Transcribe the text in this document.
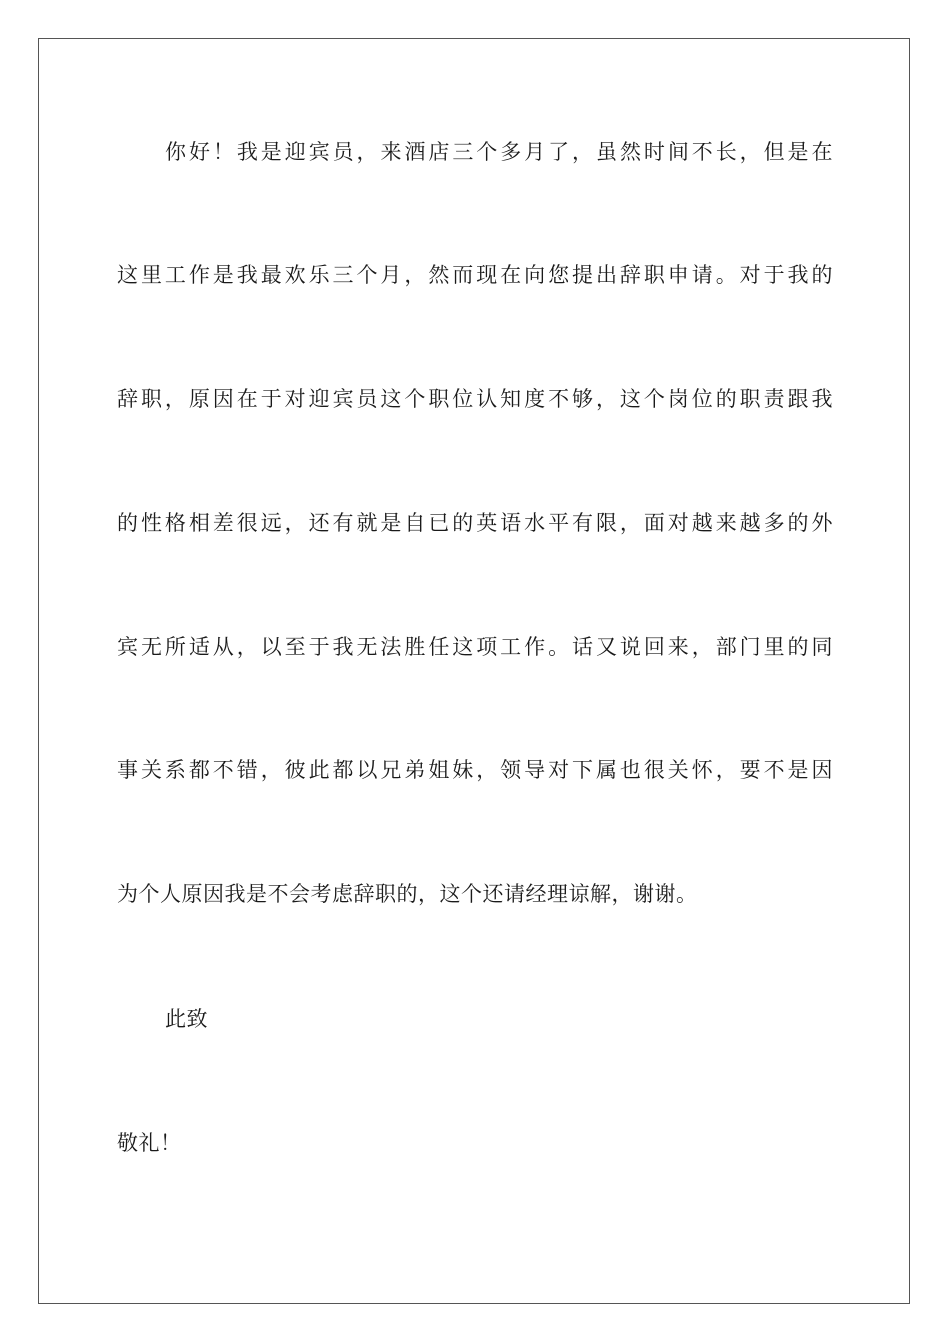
你好！我是迎宾员，来酒店三个多月了，虽然时间不长，但是在
这里工作是我最欢乐三个月，然而现在向您提出辞职申请。对于我的
辞职，原因在于对迎宾员这个职位认知度不够，这个岗位的职责跟我
的性格相差很远，还有就是自已的英语水平有限，面对越来越多的外
宾无所适从，以至于我无法胜任这项工作。话又说回来，部门里的同
事关系都不错，彼此都以兄弟姐妹，领导对下属也很关怀，要不是因
为个人原因我是不会考虑辞职的，这个还请经理谅解，谢谢。
此致
敬礼！
